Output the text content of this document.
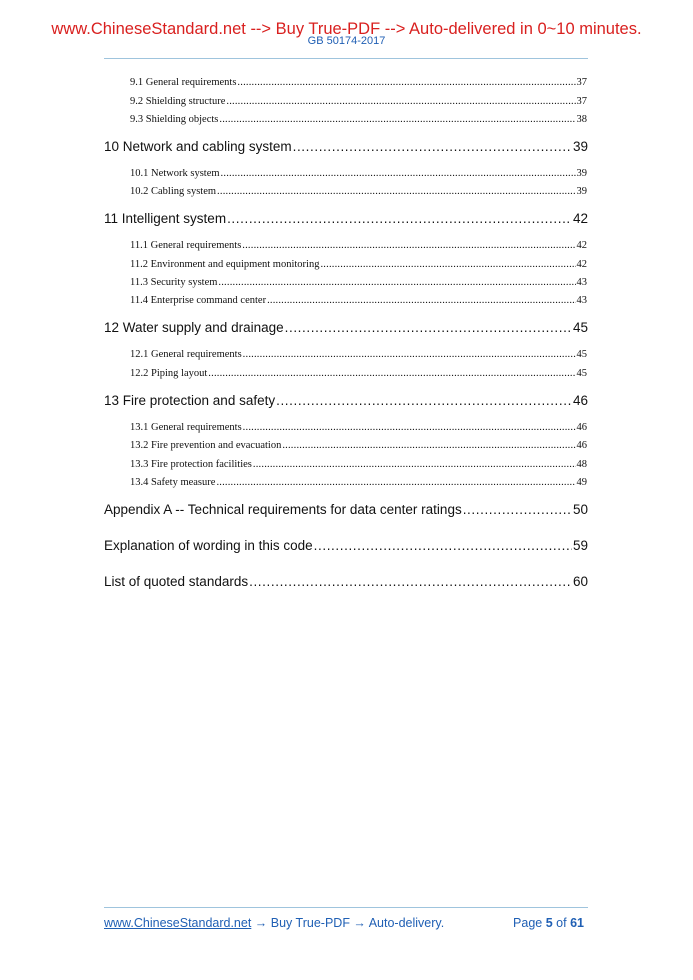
www.ChineseStandard.net --> Buy True-PDF --> Auto-delivered in 0~10 minutes.
GB 50174-2017
9.1 General requirements .....	37
9.2 Shielding structure .....	37
9.3 Shielding objects .....	38
10 Network and cabling system .....	39
10.1 Network system .....	39
10.2 Cabling system .....	39
11 Intelligent system .....	42
11.1 General requirements .....	42
11.2 Environment and equipment monitoring .....	42
11.3 Security system .....	43
11.4 Enterprise command center .....	43
12 Water supply and drainage .....	45
12.1 General requirements .....	45
12.2 Piping layout .....	45
13 Fire protection and safety .....	46
13.1 General requirements .....	46
13.2 Fire prevention and evacuation .....	46
13.3 Fire protection facilities .....	48
13.4 Safety measure .....	49
Appendix A -- Technical requirements for data center ratings .....	50
Explanation of wording in this code .....	59
List of quoted standards .....	60
www.ChineseStandard.net → Buy True-PDF → Auto-delivery.	Page 5 of 61
